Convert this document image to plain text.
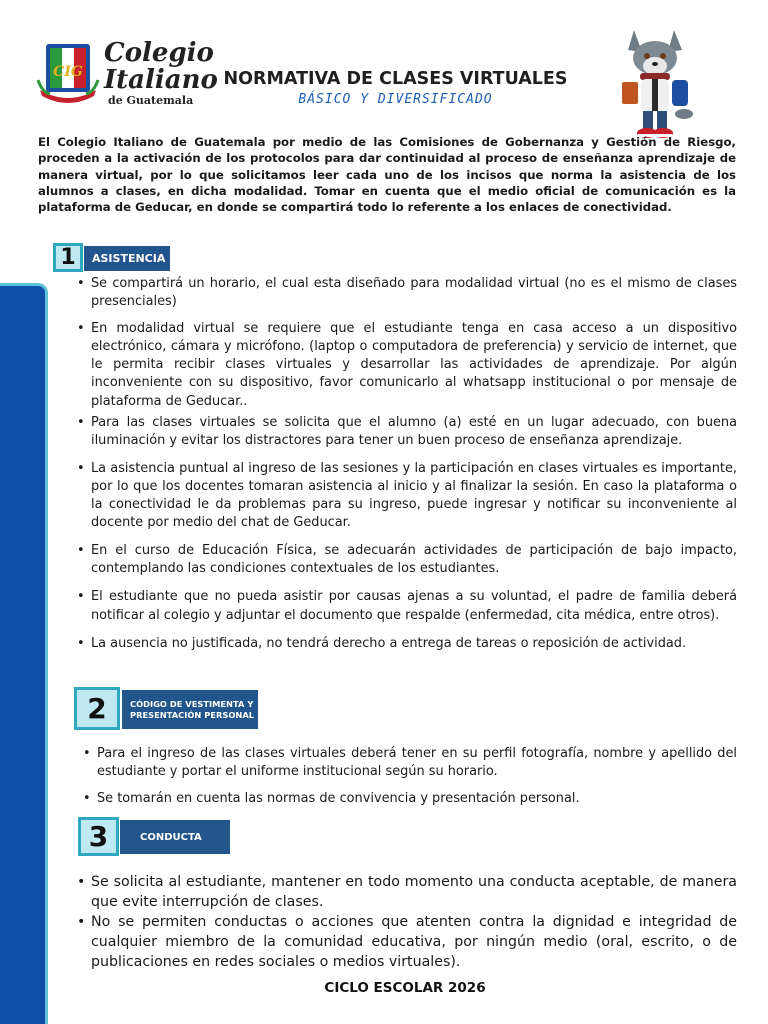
CIG
Colegio
Italiano
de Guatemala
NORMATIVA DE CLASES VIRTUALES
BÁSICO Y DIVERSIFICADO

El Colegio Italiano de Guatemala por medio de las Comisiones de Gobernanza y Gestión de Riesgo, proceden a la activación de los protocolos para dar continuidad al proceso de enseñanza aprendizaje de manera virtual, por lo que solicitamos leer cada uno de los incisos que norma la asistencia de los alumnos a clases, en dicha modalidad. Tomar en cuenta que el medio oficial de comunicación es la plataforma de Geducar, en donde se compartirá todo lo referente a los enlaces de conectividad.

1	ASISTENCIA
• Se compartirá un horario, el cual esta diseñado para modalidad virtual (no es el mismo de clases presenciales)
• En modalidad virtual se requiere que el estudiante tenga en casa acceso a un dispositivo electrónico, cámara y micrófono. (laptop o computadora de preferencia) y servicio de internet, que le permita recibir clases virtuales y desarrollar las actividades de aprendizaje. Por algún inconveniente con su dispositivo, favor comunicarlo al whatsapp institucional o por mensaje de plataforma de Geducar..
• Para las clases virtuales se solicita que el alumno (a) esté en un lugar adecuado, con buena iluminación y evitar los distractores para tener un buen proceso de enseñanza aprendizaje.
• La asistencia puntual al ingreso de las sesiones y la participación en clases virtuales es importante, por lo que los docentes tomaran asistencia al inicio y al finalizar la sesión. En caso la plataforma o la conectividad le da problemas para su ingreso, puede ingresar y notificar su inconveniente al docente por medio del chat de Geducar.
• En el curso de Educación Física, se adecuarán actividades de participación de bajo impacto, contemplando las condiciones contextuales de los estudiantes.
• El estudiante que no pueda asistir por causas ajenas a su voluntad, el padre de familia deberá notificar al colegio y adjuntar el documento que respalde (enfermedad, cita médica, entre otros).
• La ausencia no justificada, no tendrá derecho a entrega de tareas o reposición de actividad.
2	CÓDIGO DE VESTIMENTA Y
PRESENTACIÓN PERSONAL
• Para el ingreso de las clases virtuales deberá tener en su perfil fotografía, nombre y apellido del estudiante y portar el uniforme institucional según su horario.
• Se tomarán en cuenta las normas de convivencia y presentación personal.
3	CONDUCTA
• Se solicita al estudiante, mantener en todo momento una conducta aceptable, de manera que evite interrupción de clases.
• No se permiten conductas o acciones que atenten contra la dignidad e integridad de cualquier miembro de la comunidad educativa, por ningún medio (oral, escrito, o de publicaciones en redes sociales o medios virtuales).
CICLO ESCOLAR 2026
